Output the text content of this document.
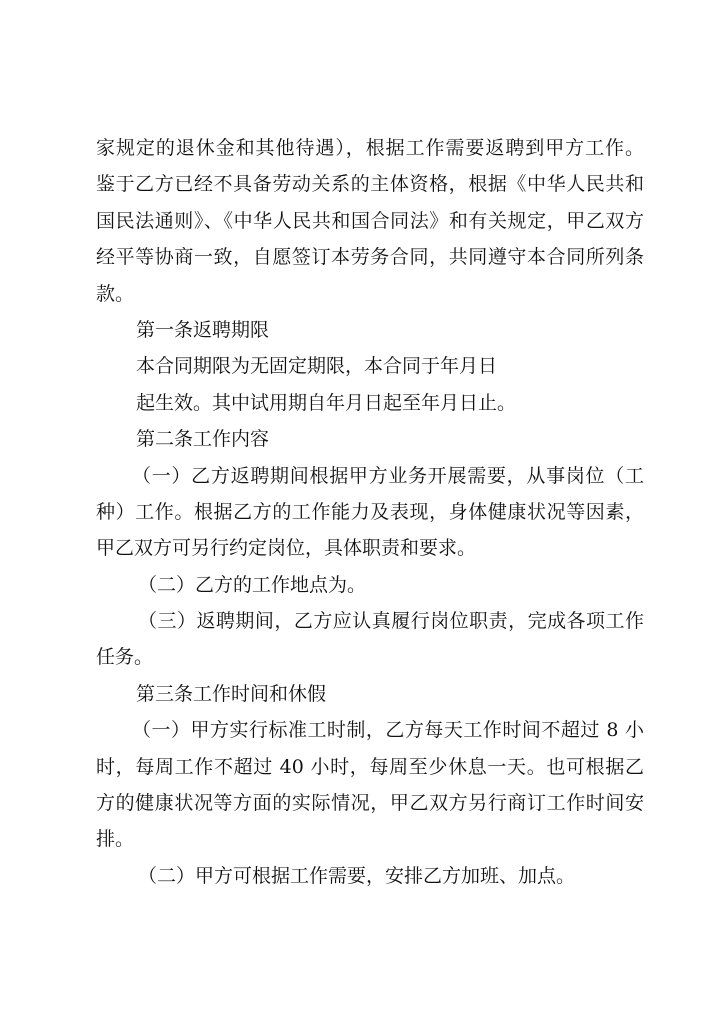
家规定的退休金和其他待遇），根据工作需要返聘到甲方工作。
鉴于乙方已经不具备劳动关系的主体资格，根据《中华人民共和
国民法通则》、《中华人民共和国合同法》和有关规定，甲乙双方
经平等协商一致，自愿签订本劳务合同，共同遵守本合同所列条
款。
第一条返聘期限
本合同期限为无固定期限，本合同于年月日
起生效。其中试用期自年月日起至年月日止。
第二条工作内容
（一）乙方返聘期间根据甲方业务开展需要，从事岗位（工
种）工作。根据乙方的工作能力及表现，身体健康状况等因素，
甲乙双方可另行约定岗位，具体职责和要求。
（二）乙方的工作地点为。
（三）返聘期间，乙方应认真履行岗位职责，完成各项工作
任务。
第三条工作时间和休假
（一）甲方实行标准工时制，乙方每天工作时间不超过 8 小
时，每周工作不超过 40 小时，每周至少休息一天。也可根据乙
方的健康状况等方面的实际情况，甲乙双方另行商订工作时间安
排。
（二）甲方可根据工作需要，安排乙方加班、加点。
